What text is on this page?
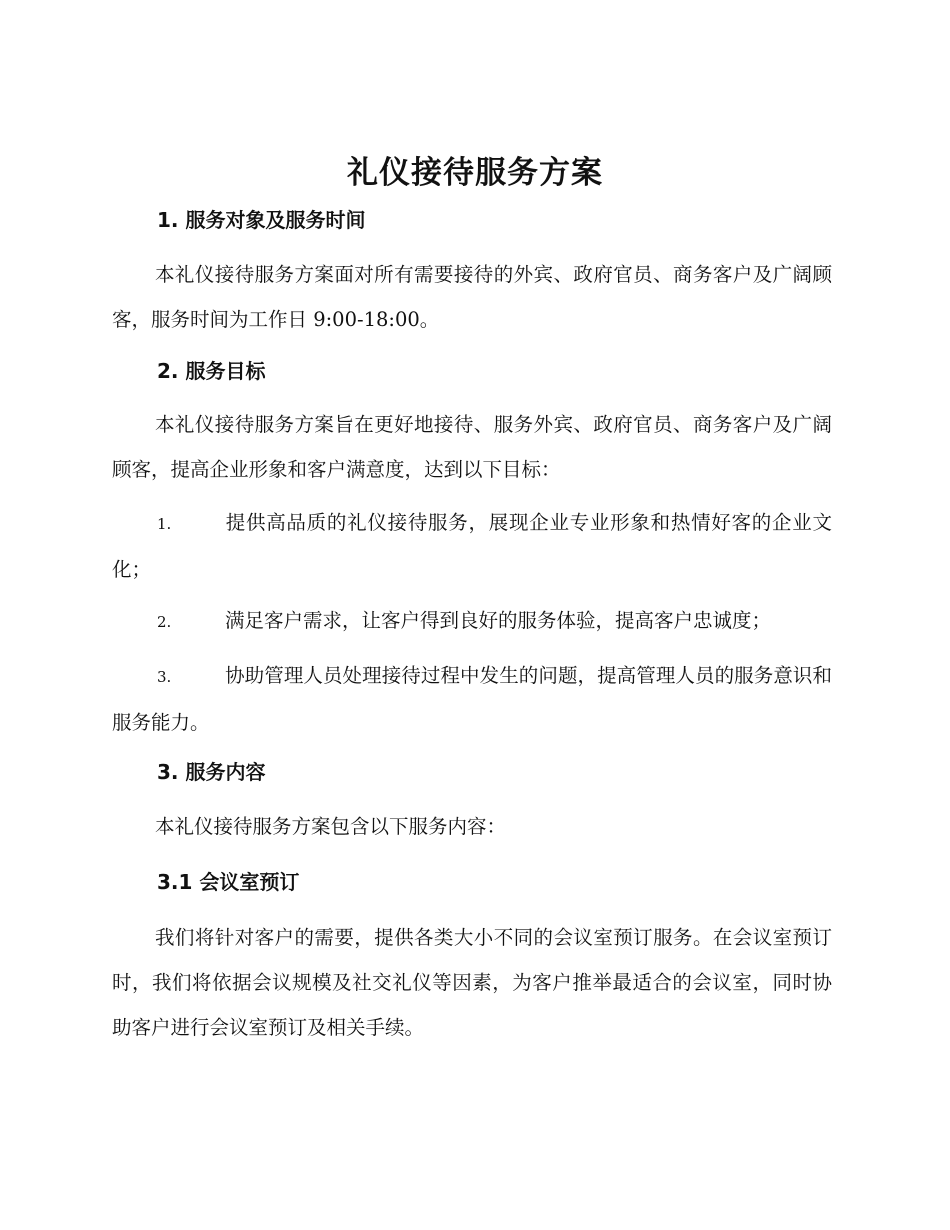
礼仪接待服务方案
1. 服务对象及服务时间
本礼仪接待服务方案面对所有需要接待的外宾、政府官员、商务客户及广阔顾客，服务时间为工作日 9:00-18:00。
2. 服务目标
本礼仪接待服务方案旨在更好地接待、服务外宾、政府官员、商务客户及广阔顾客，提高企业形象和客户满意度，达到以下目标：
1.	提供高品质的礼仪接待服务，展现企业专业形象和热情好客的企业文化；
2.	满足客户需求，让客户得到良好的服务体验，提高客户忠诚度；
3.	协助管理人员处理接待过程中发生的问题，提高管理人员的服务意识和服务能力。
3. 服务内容
本礼仪接待服务方案包含以下服务内容：
3.1 会议室预订
我们将针对客户的需要，提供各类大小不同的会议室预订服务。在会议室预订时，我们将依据会议规模及社交礼仪等因素，为客户推举最适合的会议室，同时协助客户进行会议室预订及相关手续。
